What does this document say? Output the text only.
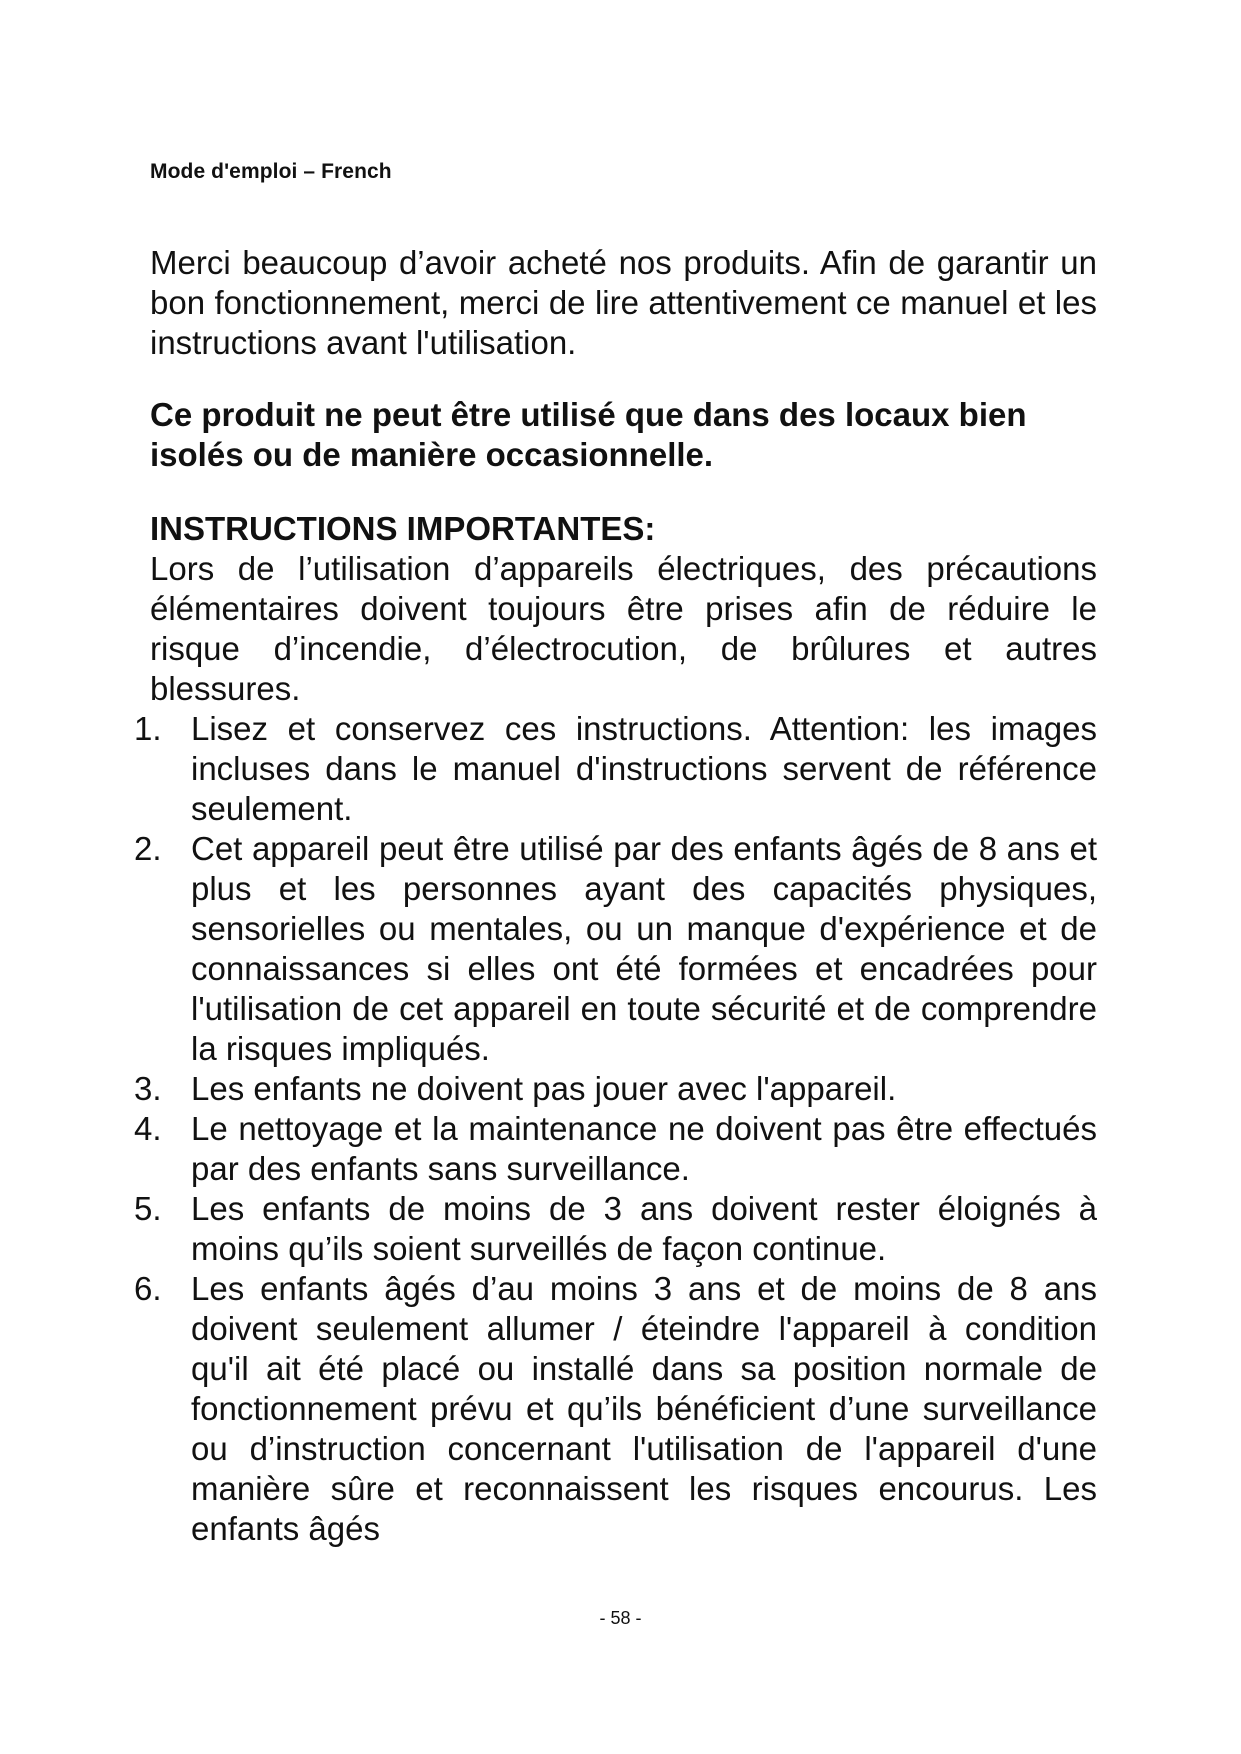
Mode d'emploi – French

Merci beaucoup d’avoir acheté nos produits. Afin de garantir un bon fonctionnement, merci de lire attentivement ce manuel et les instructions avant l'utilisation.

Ce produit ne peut être utilisé que dans des locaux bien isolés ou de manière occasionnelle.

INSTRUCTIONS IMPORTANTES:

Lors de l’utilisation d’appareils électriques, des précautions élémentaires doivent toujours être prises afin de réduire le risque d’incendie, d’électrocution, de brûlures et autres blessures.

1. Lisez et conservez ces instructions. Attention: les images incluses dans le manuel d'instructions servent de référence seulement.
2. Cet appareil peut être utilisé par des enfants âgés de 8 ans et plus et les personnes ayant des capacités physiques, sensorielles ou mentales, ou un manque d'expérience et de connaissances si elles ont été formées et encadrées pour l'utilisation de cet appareil en toute sécurité et de comprendre la risques impliqués.
3. Les enfants ne doivent pas jouer avec l'appareil.
4. Le nettoyage et la maintenance ne doivent pas être effectués par des enfants sans surveillance.
5. Les enfants de moins de 3 ans doivent rester éloignés à moins qu’ils soient surveillés de façon continue.
6. Les enfants âgés d’au moins 3 ans et de moins de 8 ans doivent seulement allumer / éteindre l'appareil à condition qu'il ait été placé ou installé dans sa position normale de fonctionnement prévu et qu’ils bénéficient d’une surveillance ou d’instruction concernant l'utilisation de l'appareil d'une manière sûre et reconnaissent les risques encourus. Les enfants âgés
- 58 -
